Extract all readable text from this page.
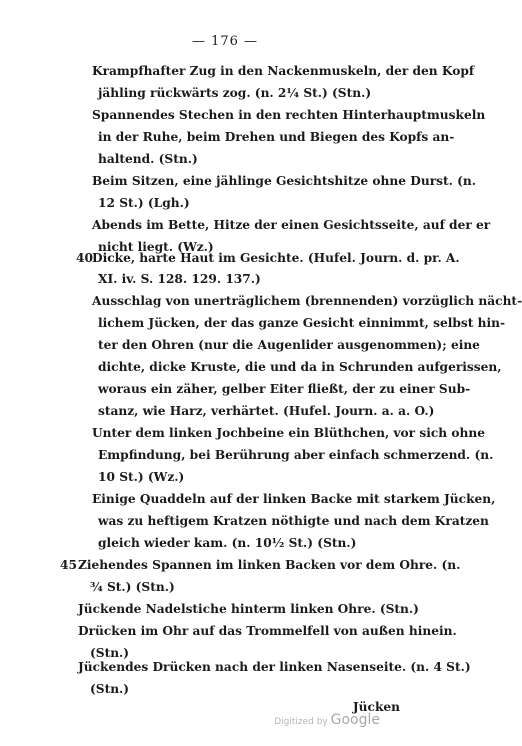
— 176 —
Krampfhafter Zug in den Nackenmuskeln, der den Kopf
jähling rückwärts zog. (n. 2¼ St.) (Stn.)
Spannendes Stechen in den rechten Hinterhauptmuskeln
in der Ruhe, beim Drehen und Biegen des Kopfs an-
haltend. (Stn.)
Beim Sitzen, eine jählinge Gesichtshitze ohne Durst. (n.
12 St.) (Lgh.)
Abends im Bette, Hitze der einen Gesichtsseite, auf der er
nicht liegt. (Wz.)
40 Dicke, harte Haut im Gesichte. (Hufel. Journ. d. pr. A.
XI. iv. S. 128. 129. 137.)
Ausschlag von unerträglichem (brennenden) vorzüglich nächt-
lichem Jücken, der das ganze Gesicht einnimmt, selbst hin-
ter den Ohren (nur die Augenlider ausgenommen); eine
dichte, dicke Kruste, die und da in Schrunden aufgerissen,
woraus ein zäher, gelber Eiter fließt, der zu einer Sub-
stanz, wie Harz, verhärtet. (Hufel. Journ. a. a. O.)
Unter dem linken Jochbeine ein Blüthchen, vor sich ohne
Empfindung, bei Berührung aber einfach schmerzend. (n.
10 St.) (Wz.)
Einige Quaddeln auf der linken Backe mit starkem Jücken,
was zu heftigem Kratzen nöthigte und nach dem Kratzen
gleich wieder kam. (n. 10½ St.) (Stn.)
45 Ziehendes Spannen im linken Backen vor dem Ohre. (n.
¾ St.) (Stn.)
Jückende Nadelstiche hinterm linken Ohre. (Stn.)
Drücken im Ohr auf das Trommelfell von außen hinein.
(Stn.)
Jückendes Drücken nach der linken Nasenseite. (n. 4 St.)
(Stn.)
Jücken
Digitized by Google
